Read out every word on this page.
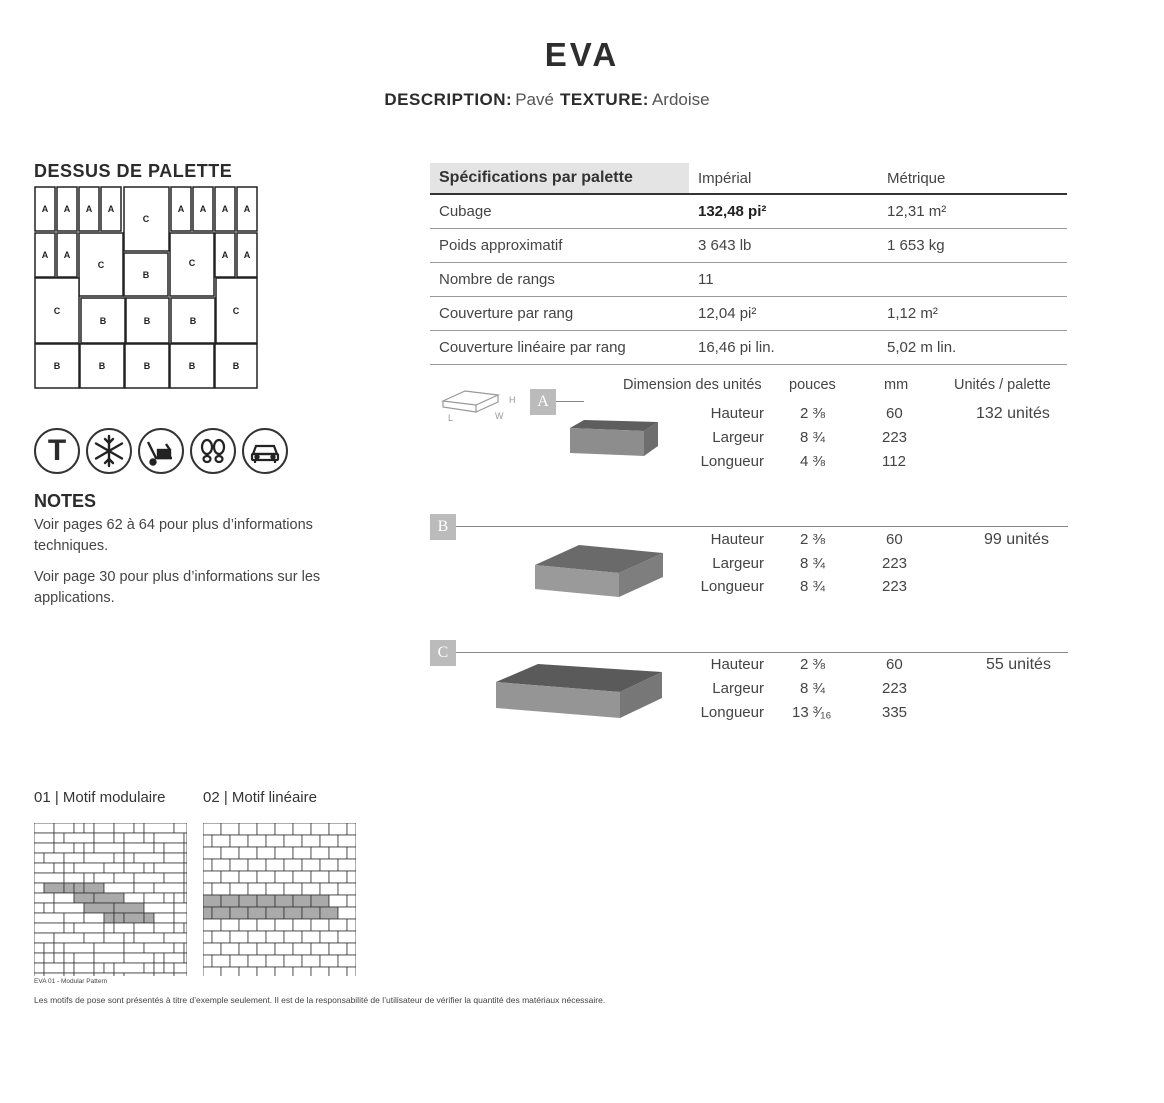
EVA
DESCRIPTION: Pavé TEXTURE: Ardoise
DESSUS DE PALETTE
A A A A
C
A A A A
A A
C
B
C
A A
C
B	B	B
C
B	B	B	B	B
T
NOTES
Voir pages 62 à 64 pour plus d’informations techniques.
Voir page 30 pour plus d’informations sur les applications.
Spécifications par palette	Impérial	Métrique
Cubage	132,48 pi²	12,31 m²
Poids approximatif	3 643 lb	1 653 kg
Nombre de rangs	11	
Couverture par rang	12,04 pi²	1,12 m²
Couverture linéaire par rang	16,46 pi lin.	5,02 m lin.
H
L	W
Dimension des unités pouces	mm	Unités / palette
A
Hauteur 2 ⅜	60	132 unités
Largeur 8 ¾	223
Longueur 4 ⅜	112
B
Hauteur 2 ⅜	60	99 unités
Largeur 8 ¾	223
Longueur 8 ¾	223
C
Hauteur 2 ⅜	60	55 unités
Largeur 8 ¾	223
Longueur 13 ³⁄₁₆	335
01 | Motif modulaire	02 | Motif linéaire
EVA 01 - Modular Pattern
Les motifs de pose sont présentés à titre d’exemple seulement. Il est de la responsabilité de l’utilisateur de vérifier la quantité des matériaux nécessaire.
